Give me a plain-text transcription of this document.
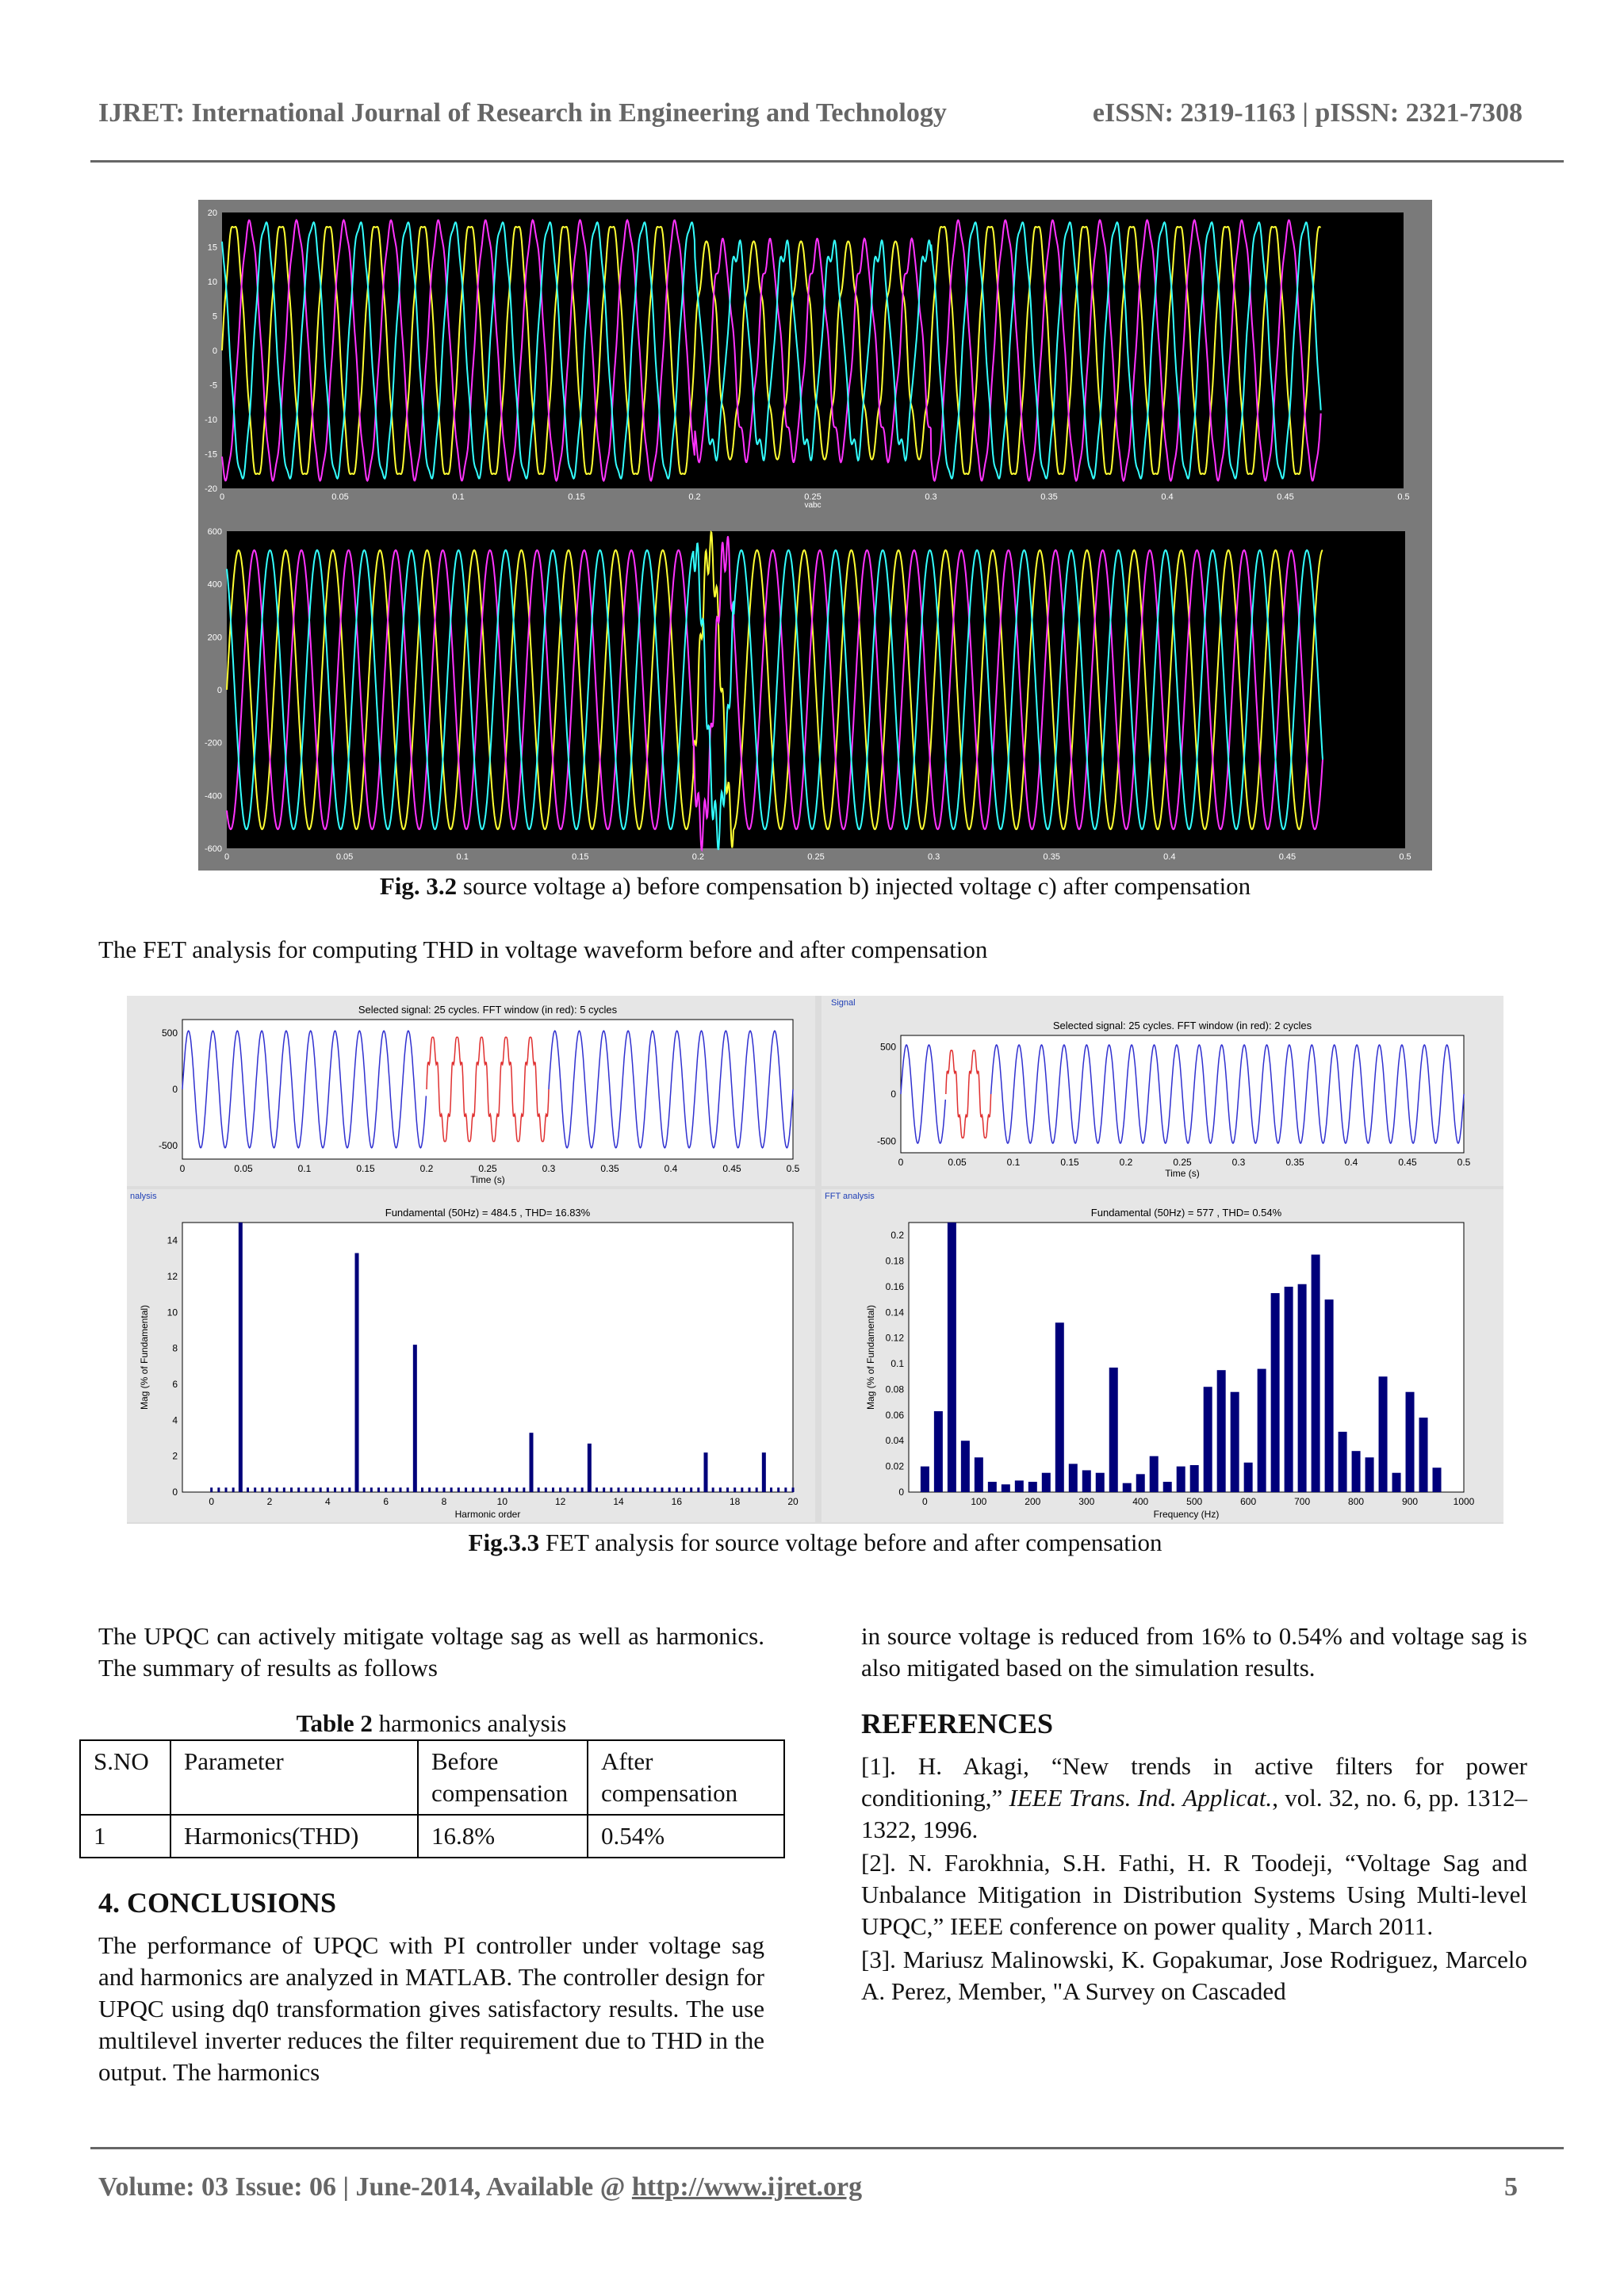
IJRET: International Journal of Research in Engineering and Technology	eISSN: 2319-1163 | pISSN: 2321-7308
20
15
10
5
0
-5
-10
-15
-20
0	0.05	0.1	0.15	0.2	0.25	0.3	0.35	0.4	0.45	0.5
vabc
600
400
200
0
-200
-400
-600
0	0.05	0.1	0.15	0.2	0.25	0.3	0.35	0.4	0.45	0.5
Fig. 3.2 source voltage a) before compensation b) injected voltage c) after compensation
The FET analysis for computing THD in voltage waveform before and after compensation
Selected signal: 25 cycles. FFT window (in red): 5 cycles
500
0
-500
0	0.05	0.1	0.15	0.2	0.25	0.3	0.35	0.4	0.45	0.5
Time (s)
nalysis
Fundamental (50Hz) = 484.5 , THD= 16.83%
0
2
4
6
8
10
12
14
0	2	4	6	8	10	12	14	16	18	20
Harmonic order
Mag (% of Fundamental)
Signal
Selected signal: 25 cycles. FFT window (in red): 2 cycles
500
0
-500
0	0.05	0.1	0.15	0.2	0.25	0.3	0.35	0.4	0.45	0.5
Time (s)
FFT analysis
Fundamental (50Hz) = 577 , THD= 0.54%
0
0.02
0.04
0.06
0.08
0.1
0.12
0.14
0.16
0.18
0.2
0	100	200	300	400	500	600	700	800	900	1000
Frequency (Hz)
Mag (% of Fundamental)
Fig.3.3 FET analysis for source voltage before and after compensation
The UPQC can actively mitigate voltage sag as well as harmonics. The summary of results as follows
Table 2 harmonics analysis
S.NO	Parameter	Before compensation	After compensation
1	Harmonics(THD)	16.8%	0.54%
4. CONCLUSIONS
The performance of UPQC with PI controller under voltage sag and harmonics are analyzed in MATLAB. The controller design for UPQC using dq0 transformation gives satisfactory results. The use multilevel inverter reduces the filter requirement due to THD in the output. The harmonics
in source voltage is reduced from 16% to 0.54% and voltage sag is also mitigated based on the simulation results.
REFERENCES
[1]. H. Akagi, “New trends in active filters for power conditioning,” IEEE Trans. Ind. Applicat., vol. 32, no. 6, pp. 1312–1322, 1996.
[2]. N. Farokhnia, S.H. Fathi, H. R Toodeji, “Voltage Sag and Unbalance Mitigation in Distribution Systems Using Multi-level UPQC,” IEEE conference on power quality , March 2011.
[3]. Mariusz Malinowski, K. Gopakumar, Jose Rodriguez, Marcelo A. Perez, Member, "A Survey on Cascaded
Volume: 03 Issue: 06 | June-2014, Available @ http://www.ijret.org	5
